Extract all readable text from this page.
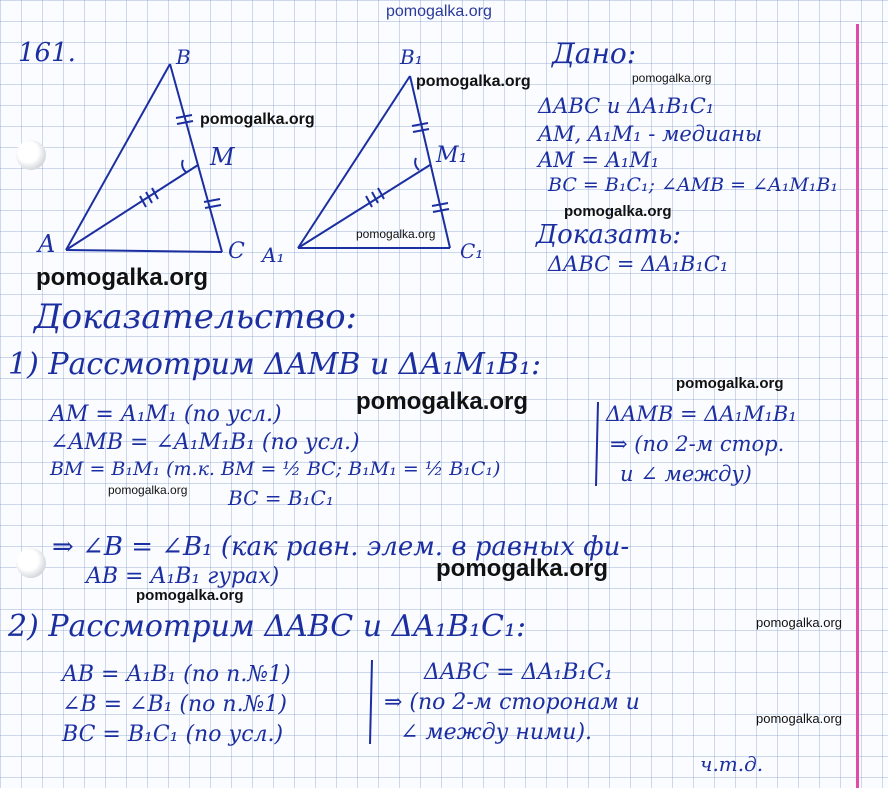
B
A	C
M
B₁
A₁	C₁
M₁
161.	Дано:
ΔABC и ΔA₁B₁C₁
AM, A₁M₁ - медианы
AM = A₁M₁
BC = B₁C₁; ∠AMB = ∠A₁M₁B₁
Доказать:
ΔABC = ΔA₁B₁C₁
Доказательство:
1) Рассмотрим ΔAMB и ΔA₁M₁B₁:
AM = A₁M₁ (по усл.)
∠AMB = ∠A₁M₁B₁ (по усл.)
BM = B₁M₁ (т.к. BM = ½ BC; B₁M₁ = ½ B₁C₁)
BC = B₁C₁
ΔAMB = ΔA₁M₁B₁
⇒ (по 2-м стор.
и ∠ между)
⇒ ∠B = ∠B₁ (как равн. элем. в равных фи-
AB = A₁B₁ гурах)
2) Рассмотрим ΔABC и ΔA₁B₁C₁:
AB = A₁B₁ (по п.№1)
∠B = ∠B₁ (по п.№1)
BC = B₁C₁ (по усл.)
ΔABC = ΔA₁B₁C₁
⇒ (по 2-м сторонам и
∠ между ними).
ч.т.д.
pomogalka.org
pomogalka.org	pomogalka.org
pomogalka.org
pomogalka.org
pomogalka.org
pomogalka.org
pomogalka.org
pomogalka.org
pomogalka.org
pomogalka.org
pomogalka.org
pomogalka.org
pomogalka.org
